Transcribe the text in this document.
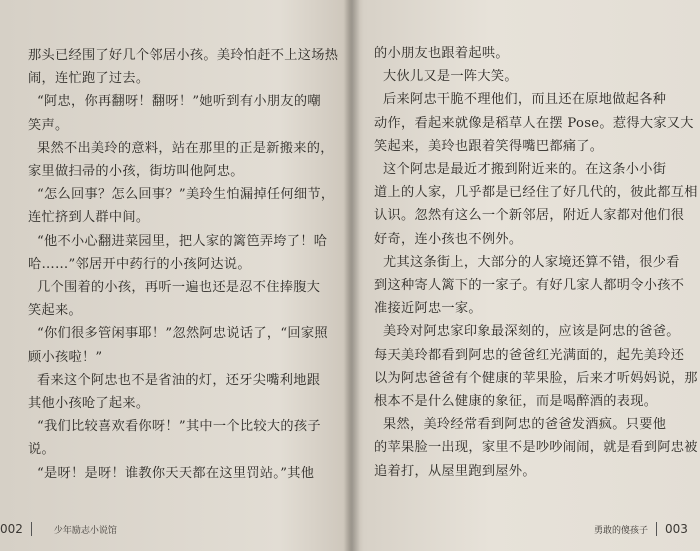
那头已经围了好几个邻居小孩。美玲怕赶不上这场热
闹，连忙跑了过去。

“阿忠，你再翻呀！翻呀！”她听到有小朋友的嘲
笑声。

果然不出美玲的意料，站在那里的正是新搬来的，
家里做扫帚的小孩，街坊叫他阿忠。

“怎么回事？怎么回事？”美玲生怕漏掉任何细节，
连忙挤到人群中间。

“他不小心翻进菜园里，把人家的篱笆弄垮了！哈
哈……”邻居开中药行的小孩阿达说。

几个围着的小孩，再听一遍也还是忍不住捧腹大
笑起来。

“你们很多管闲事耶！”忽然阿忠说话了，“回家照
顾小孩啦！”

看来这个阿忠也不是省油的灯，还牙尖嘴利地跟
其他小孩呛了起来。

“我们比较喜欢看你呀！”其中一个比较大的孩子
说。

“是呀！是呀！谁教你天天都在这里罚站。”其他

002	少年励志小说馆

的小朋友也跟着起哄。

大伙儿又是一阵大笑。

后来阿忠干脆不理他们，而且还在原地做起各种
动作，看起来就像是稻草人在摆 Pose。惹得大家又大
笑起来，美玲也跟着笑得嘴巴都痛了。

这个阿忠是最近才搬到附近来的。在这条小小街
道上的人家，几乎都是已经住了好几代的，彼此都互相
认识。忽然有这么一个新邻居，附近人家都对他们很
好奇，连小孩也不例外。

尤其这条街上，大部分的人家境还算不错，很少看
到这种寄人篱下的一家子。有好几家人都明令小孩不
准接近阿忠一家。

美玲对阿忠家印象最深刻的，应该是阿忠的爸爸。
每天美玲都看到阿忠的爸爸红光满面的，起先美玲还
以为阿忠爸爸有个健康的苹果脸，后来才听妈妈说，那
根本不是什么健康的象征，而是喝醉酒的表现。

果然，美玲经常看到阿忠的爸爸发酒疯。只要他
的苹果脸一出现，家里不是吵吵闹闹，就是看到阿忠被
追着打，从屋里跑到屋外。

勇敢的傻孩子 003
